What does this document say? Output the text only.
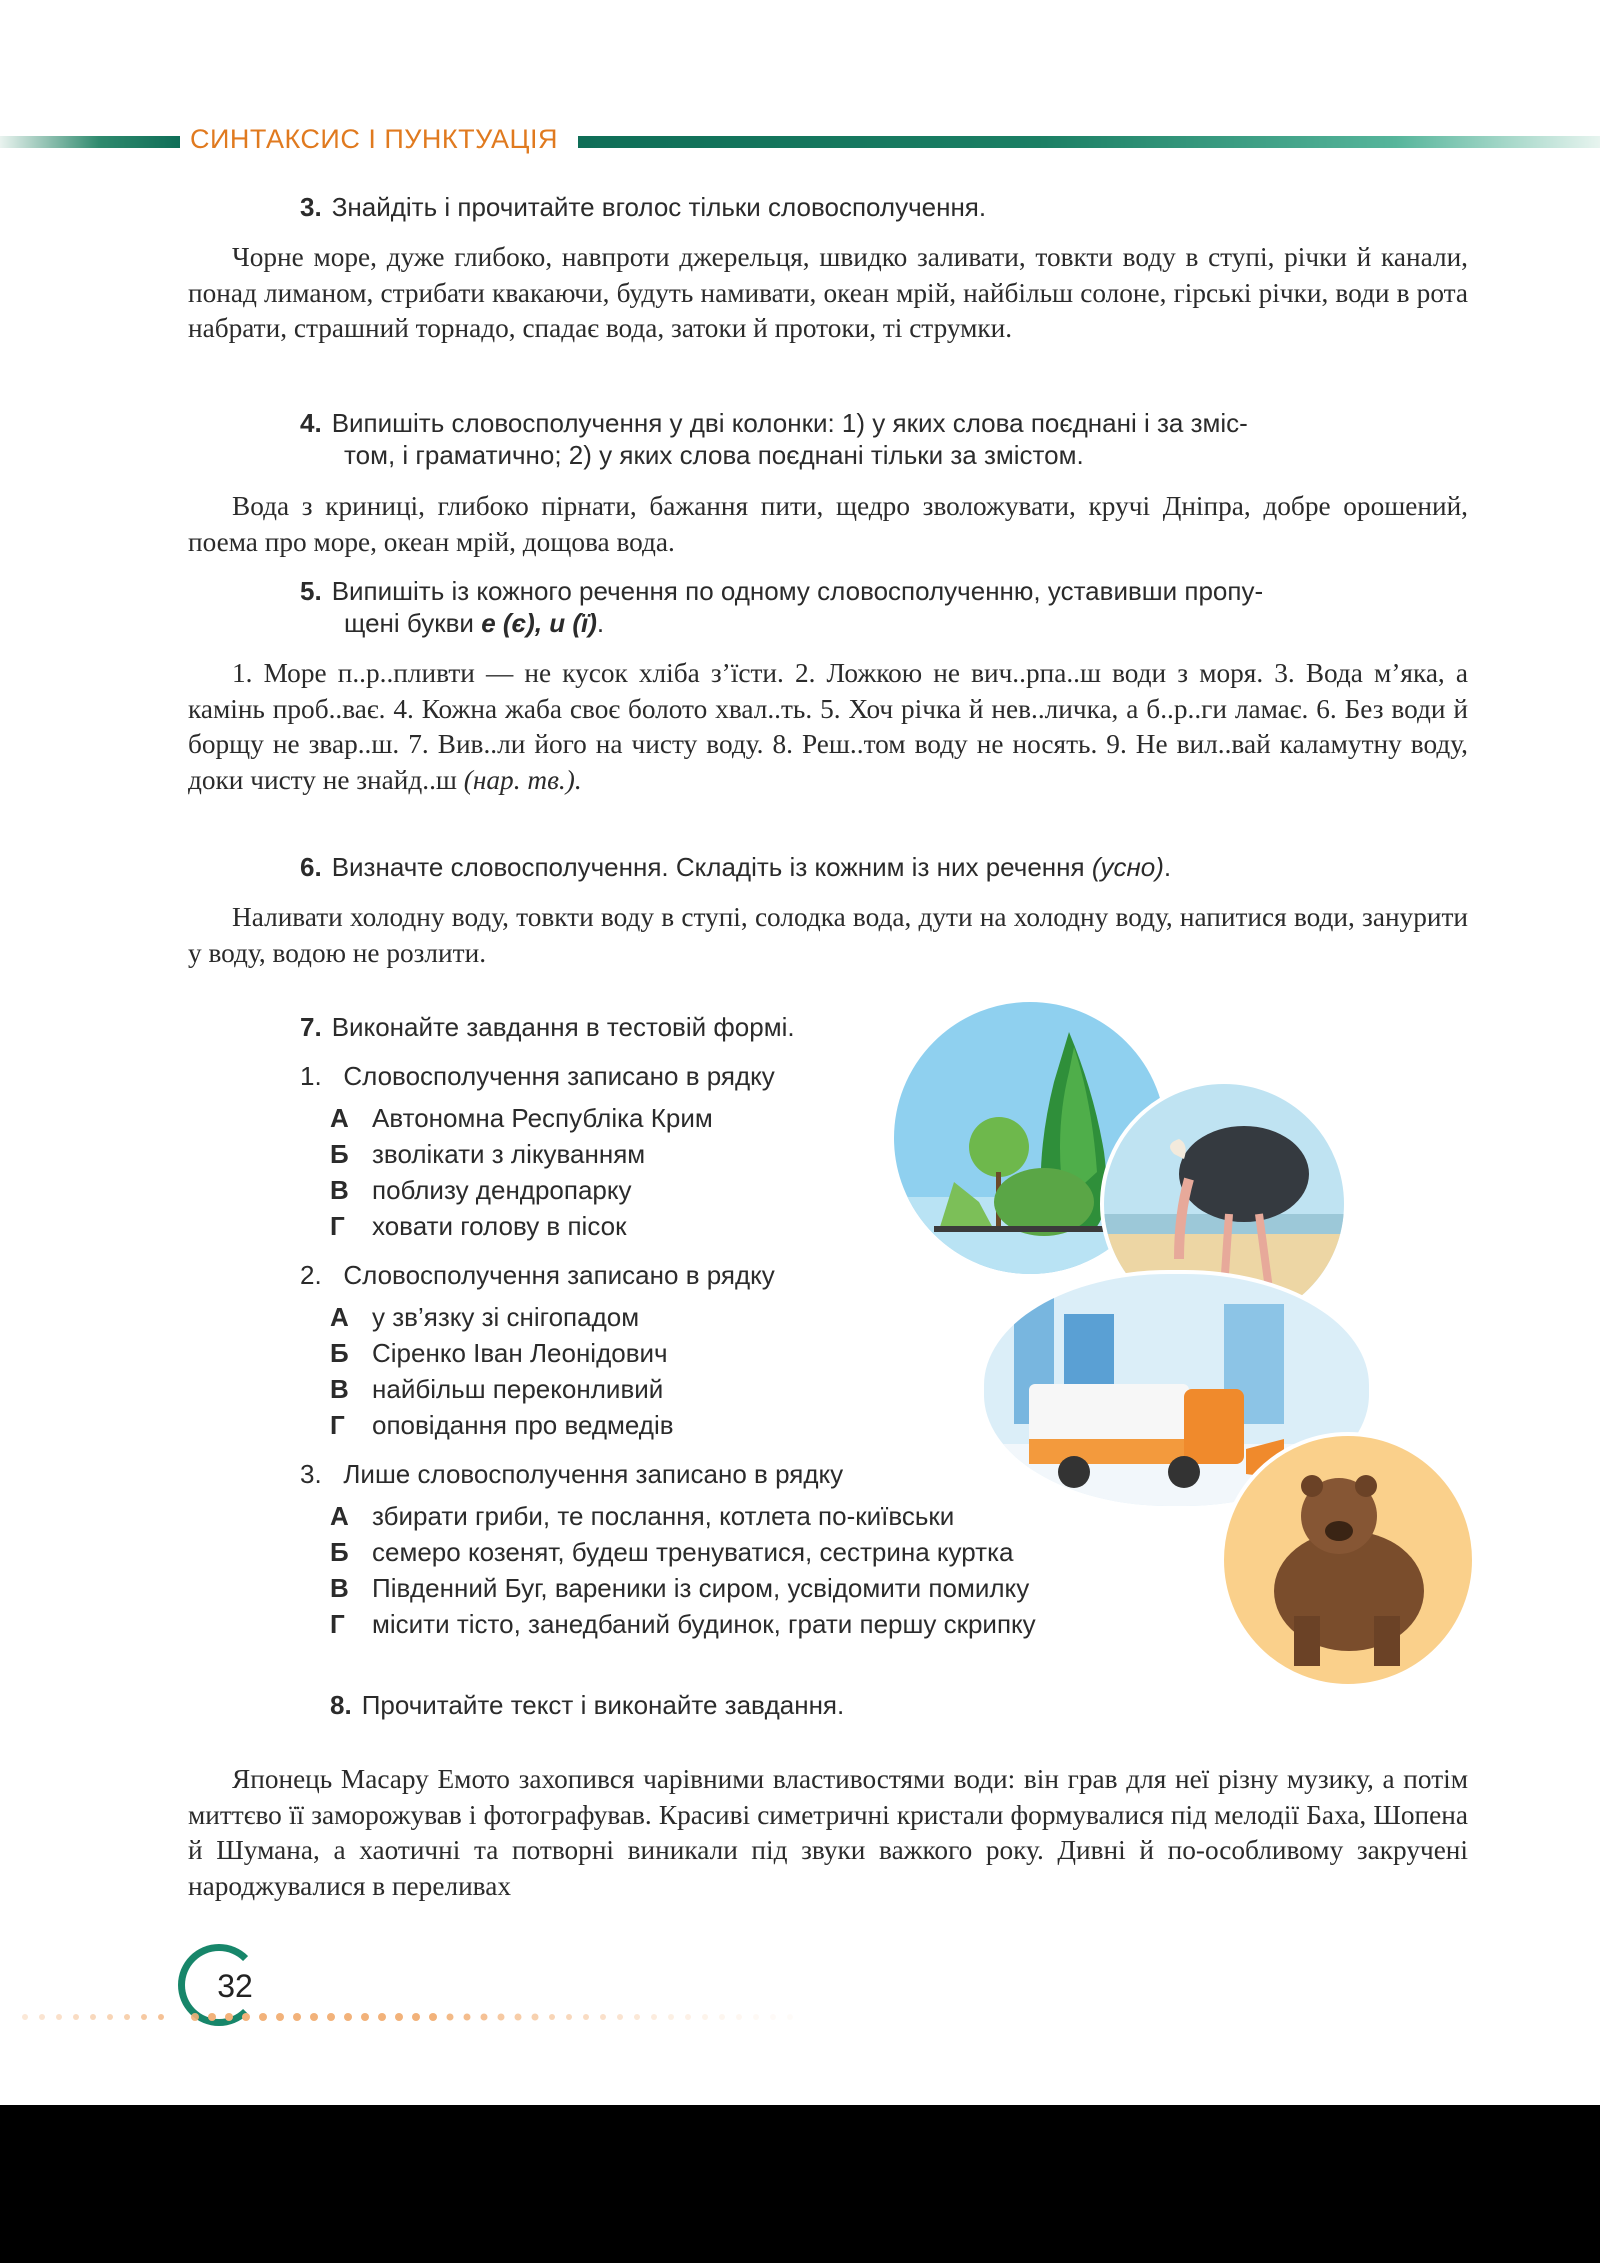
СИНТАКСИС І ПУНКТУАЦІЯ
3. Знайдіть і прочитайте вголос тільки словосполучення.
Чорне море, дуже глибоко, навпроти джерельця, швидко заливати, товкти воду в ступі, річки й канали, понад лиманом, стрибати квакаючи, будуть намивати, океан мрій, найбільш солоне, гірські річки, води в рота набрати, страшний торнадо, спадає вода, затоки й протоки, ті струмки.
4. Випишіть словосполучення у дві колонки: 1) у яких слова поєднані і за зміс-
том, і граматично; 2) у яких слова поєднані тільки за змістом.
Вода з криниці, глибоко пірнати, бажання пити, щедро зволожувати, кручі Дніпра, добре орошений, поема про море, океан мрій, дощова вода.
5. Випишіть із кожного речення по одному словосполученню, уставивши пропу-
щені букви е (є), и (ї).
1. Море п..р..пливти — не кусок хліба з’їсти. 2. Ложкою не вич..рпа..ш води з моря. 3. Вода м’яка, а камінь проб..ває. 4. Кожна жаба своє болото хвал..ть. 5. Хоч річка й нев..личка, а б..р..ги ламає. 6. Без води й борщу не звар..ш. 7. Вив..ли його на чисту воду. 8. Реш..том воду не носять. 9. Не вил..вай каламутну воду, доки чисту не знайд..ш (нар. тв.).
6. Визначте словосполучення. Складіть із кожним із них речення (усно).
Наливати холодну воду, товкти воду в ступі, солодка вода, дути на холодну воду, напитися води, занурити у воду, водою не розлити.
7. Виконайте завдання в тестовій формі.
1. Словосполучення записано в рядку
А Автономна Республіка Крим
Б зволікати з лікуванням
В поблизу дендропарку
Г ховати голову в пісок
2. Словосполучення записано в рядку
А у зв’язку зі снігопадом
Б Сіренко Іван Леонідович
В найбільш переконливий
Г оповідання про ведмедів
3. Лише словосполучення записано в рядку
А збирати гриби, те послання, котлета по-київськи
Б семеро козенят, будеш тренуватися, сестрина куртка
В Південний Буг, вареники із сиром, усвідомити помилку
Г місити тісто, занедбаний будинок, грати першу скрипку
8. Прочитайте текст і виконайте завдання.
Японець Масару Емото захопився чарівними властивостями води: він грав для неї різну музику, а потім миттєво її заморожував і фотографував. Красиві симетричні кристали формувалися під мелодії Баха, Шопена й Шумана, а хаотичні та потворні виникали під звуки важкого року. Дивні й по-особливому закручені народжувалися в переливах
32
